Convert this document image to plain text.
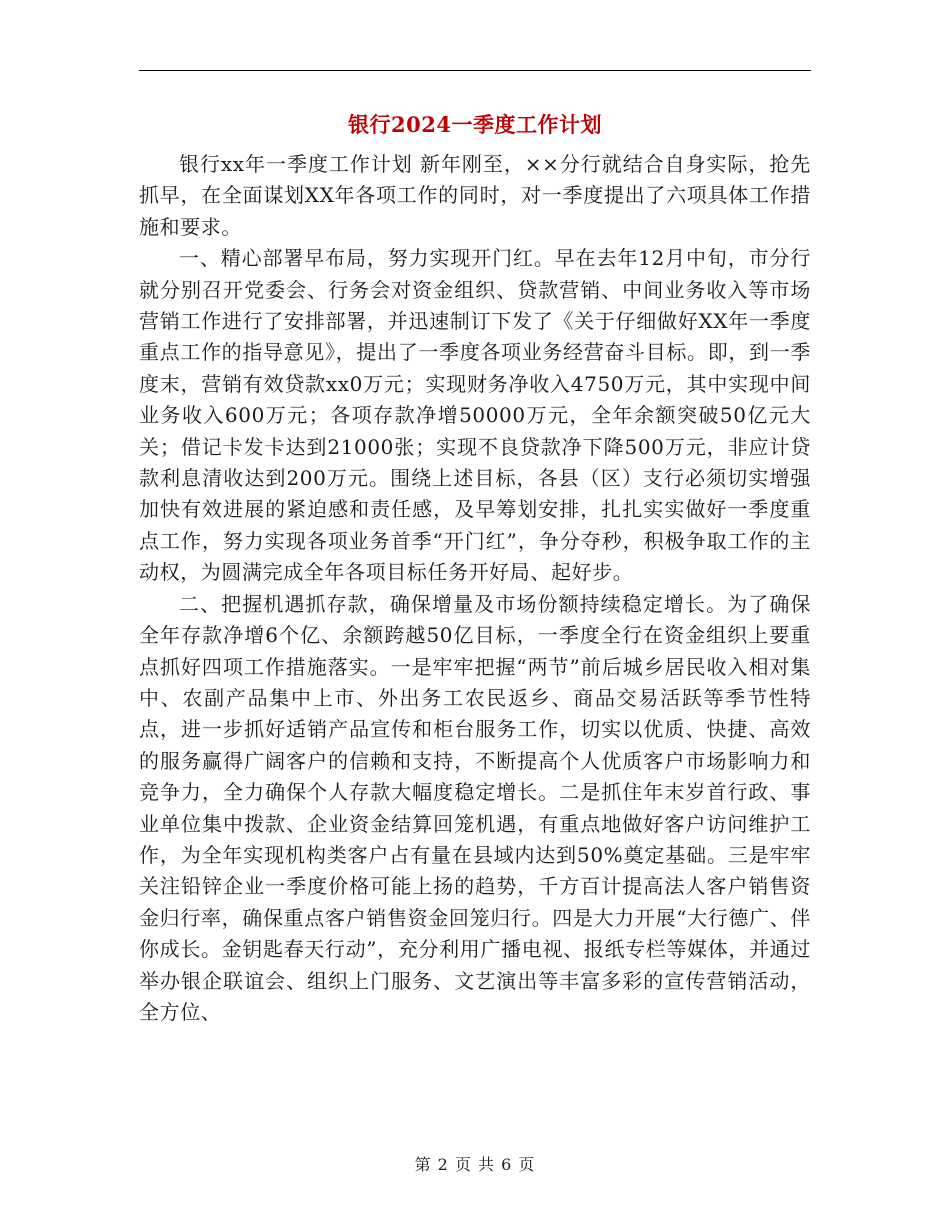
银行2024一季度工作计划

银行xx年一季度工作计划 新年刚至，××分行就结合自身实际，抢先抓早，在全面谋划XX年各项工作的同时，对一季度提出了六项具体工作措施和要求。

一、精心部署早布局，努力实现开门红。早在去年12月中旬，市分行就分别召开党委会、行务会对资金组织、贷款营销、中间业务收入等市场营销工作进行了安排部署，并迅速制订下发了《关于仔细做好XX年一季度重点工作的指导意见》，提出了一季度各项业务经营奋斗目标。即，到一季度末，营销有效贷款xx0万元；实现财务净收入4750万元，其中实现中间业务收入600万元；各项存款净增50000万元，全年余额突破50亿元大关；借记卡发卡达到21000张；实现不良贷款净下降500万元，非应计贷款利息清收达到200万元。围绕上述目标，各县（区）支行必须切实增强加快有效进展的紧迫感和责任感，及早筹划安排，扎扎实实做好一季度重点工作，努力实现各项业务首季“开门红”，争分夺秒，积极争取工作的主动权，为圆满完成全年各项目标任务开好局、起好步。

二、把握机遇抓存款，确保增量及市场份额持续稳定增长。为了确保全年存款净增6个亿、余额跨越50亿目标，一季度全行在资金组织上要重点抓好四项工作措施落实。一是牢牢把握“两节”前后城乡居民收入相对集中、农副产品集中上市、外出务工农民返乡、商品交易活跃等季节性特点，进一步抓好适销产品宣传和柜台服务工作，切实以优质、快捷、高效的服务赢得广阔客户的信赖和支持，不断提高个人优质客户市场影响力和竞争力，全力确保个人存款大幅度稳定增长。二是抓住年末岁首行政、事业单位集中拨款、企业资金结算回笼机遇，有重点地做好客户访问维护工作，为全年实现机构类客户占有量在县域内达到50%奠定基础。三是牢牢关注铅锌企业一季度价格可能上扬的趋势，千方百计提高法人客户销售资金归行率，确保重点客户销售资金回笼归行。四是大力开展“大行德广、伴你成长。金钥匙春天行动”，充分利用广播电视、报纸专栏等媒体，并通过举办银企联谊会、组织上门服务、文艺演出等丰富多彩的宣传营销活动，全方位、

第 2 页 共 6 页
